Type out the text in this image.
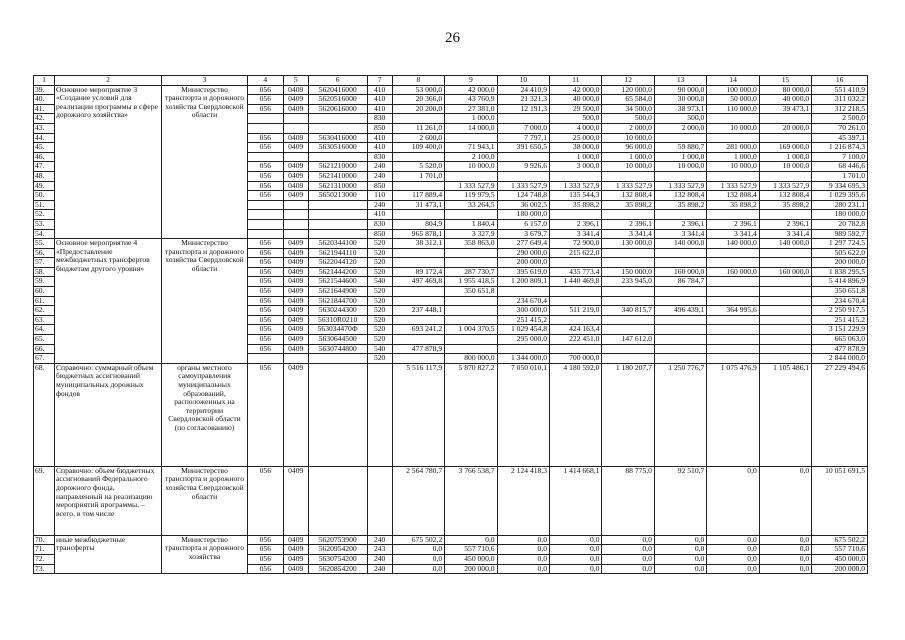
26
1	2	3	4	5	6	7	8	9	10	11	12	13	14	15	16
39.	Основное мероприятие 3 «Создание условий для реализации программы в сфере дорожного хозяйства»	Министерство транспорта и дорожного хозяйства Свердловской области	056	0409	5620416000	410	53 000,0	42 000,0	24 410,9	42 000,0	120 000,0	90 000,0	100 000,0	80 000,0	551 410,9
40.			056	0409	5620516000	410	20 366,0	43 760,9	21 321,3	40 000,0	65 584,0	30 000,0	50 000,0	40 000,0	311 032,2
41.			056	0409	5620616000	410	20 200,0	27 381,0	12 191,3	29 500,0	34 500,0	38 973,1	110 000,0	39 473,1	312 218,5
42.						830		1 000,0		500,0	500,0	500,0			2 500,0
43.						850	11 261,0	14 000,0	7 000,0	4 000,0	2 000,0	2 000,0	10 000,0	20 000,0	70 261,0
44.			056	0409	5630416000	410	2 600,0		7 797,1	25 000,0	10 000,0				45 397,1
45.			056	0409	5630516000	410	109 400,0	71 943,1	391 650,5	38 000,0	96 000,0	59 880,7	281 000,0	169 000,0	1 216 874,3
46.						830		2 100,0		1 000,0	1 000,0	1 000,0	1 000,0	1 000,0	7 100,0
47.			056	0409	5621210000	240	5 520,0	10 000,0	9 926,6	3 000,0	10 000,0	10 000,0	10 000,0	10 000,0	68 446,6
48.			056	0409	5621410000	240	1 701,0								1 701,0
49.			056	0409	5621310000	850		1 333 527,9	1 333 527,9	1 333 527,9	1 333 527,9	1 333 527,9	1 333 527,9	1 333 527,9	9 334 695,3
50.			056	0409	5650213000	110	117 889,4	119 979,5	124 748,8	135 544,3	132 808,4	132 808,4	132 808,4	132 808,4	1 029 395,6
51.						240	31 473,1	33 264,5	36 002,5	35 898,2	35 898,2	35 898,2	35 898,2	35 898,2	280 231,1
52.						410			180 000,0						180 000,0
53.						830	804,9	1 840,4	6 157,0	2 396,1	2 396,1	2 396,1	2 396,1	2 396,1	20 782,8
54.						850	965 878,1	3 327,9	3 679,7	3 341,4	3 341,4	3 341,4	3 341,4	3 341,4	989 592,7
55.	Основное мероприятие 4 «Предоставление межбюджетных трансфертов бюджетам другого уровня»	Министерство транспорта и дорожного хозяйства Свердловской области	056	0409	5620344100	520	38 312,1	358 863,0	277 649,4	72 900,0	130 000,0	140 000,0	140 000,0	140 000,0	1 297 724,5
56.			056	0409	5621944110	520			290 000,0	215 622,0					505 622,0
57.			056	0409	5622044120	520			200 000,0						200 000,0
58.			056	0409	5621444200	520	89 172,4	287 730,7	395 619,0	435 773,4	150 000,0	160 000,0	160 000,0	160 000,0	1 838 295,5
59.			056	0409	5621544600	540	497 469,8	1 955 418,5	1 200 809,1	1 440 469,8	233 945,0	86 784,7			5 414 896,9
60.			056	0409	5621644900	520		350 651,8							350 651,8
61.			056	0409	5621844700	520			234 670,4						234 670,4
62.			056	0409	5630244300	520	237 448,1		300 000,0	511 219,0	340 815,7	496 439,1	364 995,6		2 250 917,5
63.			056	0409	56310R0210	520			251 415,2						251 415,2
64.			056	0409	563034470Ф	520	693 241,2	1 004 370,5	1 029 454,8	424 163,4					3 151 229,9
65.			056	0409	5630644500	520			295 000,0	222 451,0	147 612,0				665 063,0
66.			056	0409	5630744800	540	477 878,9								477 878,9
67.						520		800 000,0	1 344 000,0	700 000,0					2 844 000,0
68.	Справочно: суммарный объем бюджетных ассигнований муниципальных дорожных фондов	органы местного самоуправления муниципальных образований, расположенных на территории Свердловской области (по согласованию)	056	0409			5 516 117,9	5 870 827,2	7 050 010,1	4 180 592,0	1 180 207,7	1 250 776,7	1 075 476,9	1 105 486,1	27 229 494,6
69.	Справочно: объем бюджетных ассигнований Федерального дорожного фонда, направленный на реализацию мероприятий программы, – всего, в том числе	Министерство транспорта и дорожного хозяйства Свердловской области	056	0409			2 564 780,7	3 766 538,7	2 124 418,3	1 414 668,1	88 775,0	92 510,7	0,0	0,0	10 051 691,5
70.	иные межбюджетные трансферты	Министерство транспорта и дорожного хозяйства	056	0409	5620753900	240	675 502,2	0,0	0,0	0,0	0,0	0,0	0,0	0,0	675 502,2
71.			056	0409	5620954200	243	0,0	557 710,6	0,0	0,0	0,0	0,0	0,0	0,0	557 710,6
72.			056	0409	5630754200	240	0,0	450 000,0	0,0	0,0	0,0	0,0	0,0	0,0	450 000,0
73.			056	0409	5620854200	240	0,0	200 000,0	0,0	0,0	0,0	0,0	0,0	0,0	200 000,0
